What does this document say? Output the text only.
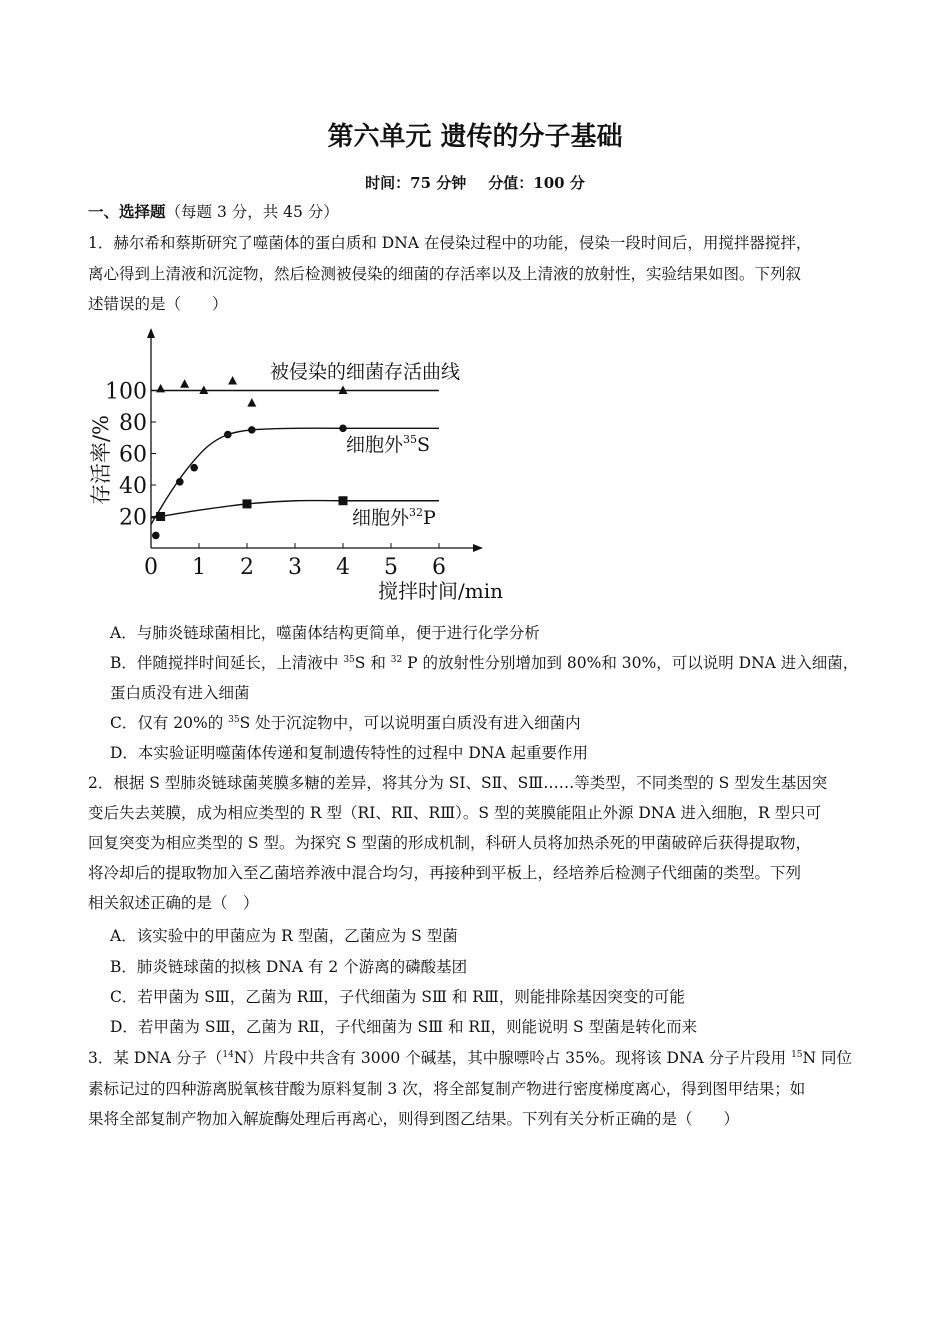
第六单元 遗传的分子基础
时间：75 分钟 分值：100 分
一、选择题（每题 3 分，共 45 分）
1．赫尔希和蔡斯研究了噬菌体的蛋白质和 DNA 在侵染过程中的功能，侵染一段时间后，用搅拌器搅拌，
离心得到上清液和沉淀物，然后检测被侵染的细菌的存活率以及上清液的放射性，实验结果如图。下列叙
述错误的是（　　）
0 1 2 3 4 5 6
20
40
60
80
100
搅拌时间/min
存活率/%
被侵染的细菌存活曲线
细胞外$^{35}$S
细胞外$^{32}$P
A．与肺炎链球菌相比，噬菌体结构更简单，便于进行化学分析
B．伴随搅拌时间延长，上清液中 $^{35}$S 和 $^{32}$ P 的放射性分别增加到 80%和 30%，可以说明 DNA 进入细菌，
蛋白质没有进入细菌
C．仅有 20%的 $^{35}$S 处于沉淀物中，可以说明蛋白质没有进入细菌内
D．本实验证明噬菌体传递和复制遗传特性的过程中 DNA 起重要作用
2．根据 S 型肺炎链球菌荚膜多糖的差异，将其分为 SⅠ、SⅡ、SⅢ……等类型，不同类型的 S 型发生基因突
变后失去荚膜，成为相应类型的 R 型（RⅠ、RⅡ、RⅢ）。S 型的荚膜能阻止外源 DNA 进入细胞，R 型只可
回复突变为相应类型的 S 型。为探究 S 型菌的形成机制，科研人员将加热杀死的甲菌破碎后获得提取物，
将冷却后的提取物加入至乙菌培养液中混合均匀，再接种到平板上，经培养后检测子代细菌的类型。下列
相关叙述正确的是（　）
A．该实验中的甲菌应为 R 型菌，乙菌应为 S 型菌
B．肺炎链球菌的拟核 DNA 有 2 个游离的磷酸基团
C．若甲菌为 SⅢ，乙菌为 RⅢ，子代细菌为 SⅢ 和 RⅢ，则能排除基因突变的可能
D．若甲菌为 SⅢ，乙菌为 RⅡ，子代细菌为 SⅢ 和 RⅡ，则能说明 S 型菌是转化而来
3．某 DNA 分子（$^{14}$N）片段中共含有 3000 个碱基，其中腺嘌呤占 35%。现将该 DNA 分子片段用 $^{15}$N 同位
素标记过的四种游离脱氧核苷酸为原料复制 3 次，将全部复制产物进行密度梯度离心，得到图甲结果；如
果将全部复制产物加入解旋酶处理后再离心，则得到图乙结果。下列有关分析正确的是（　　）
